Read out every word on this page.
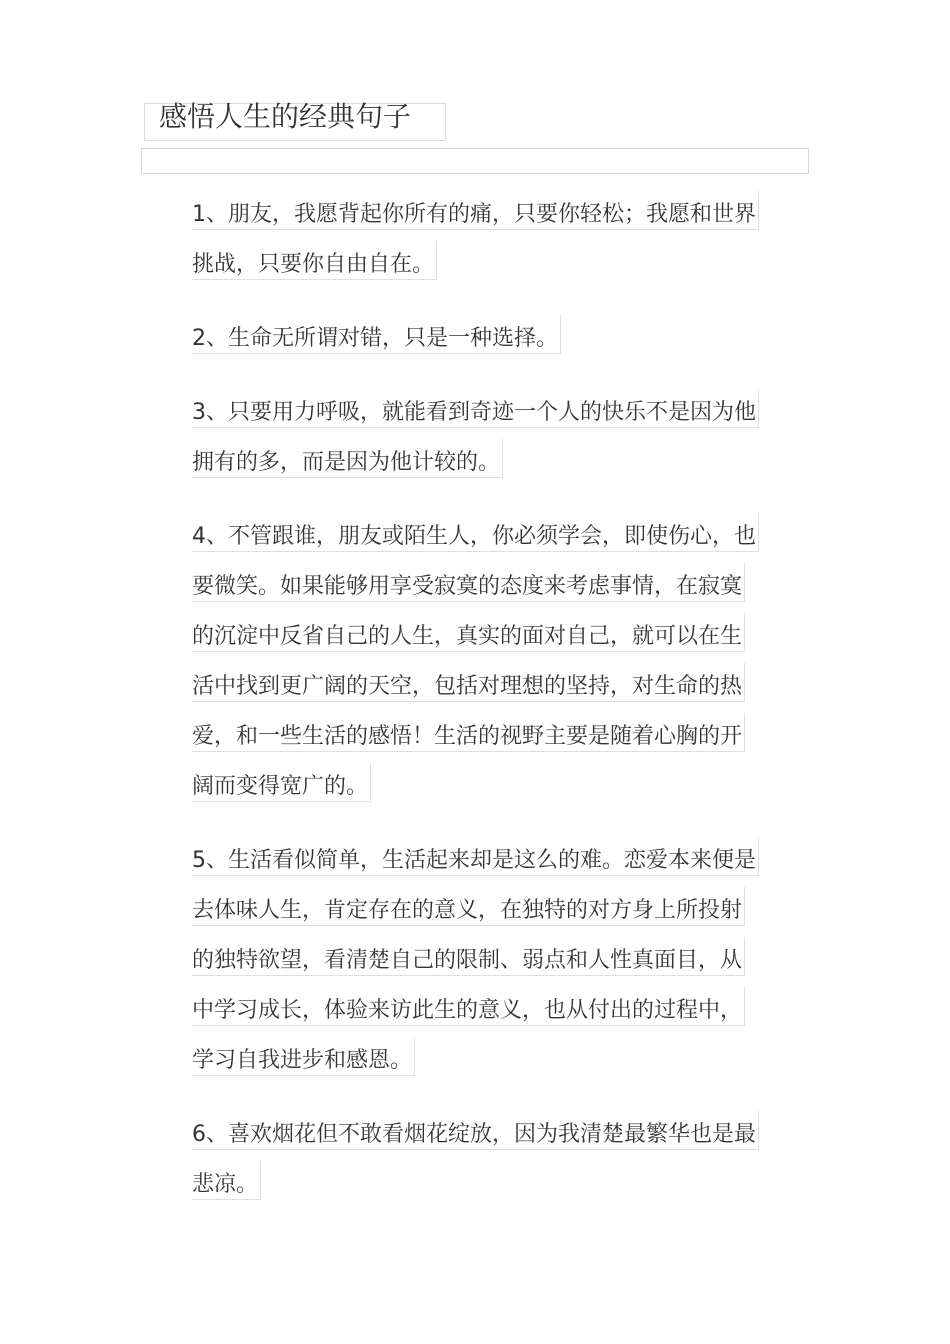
感悟人生的经典句子
1、朋友，我愿背起你所有的痛，只要你轻松；我愿和世界
挑战，只要你自由自在。
2、生命无所谓对错，只是一种选择。
3、只要用力呼吸，就能看到奇迹一个人的快乐不是因为他
拥有的多，而是因为他计较的。
4、不管跟谁，朋友或陌生人，你必须学会，即使伤心，也
要微笑。如果能够用享受寂寞的态度来考虑事情，在寂寞
的沉淀中反省自己的人生，真实的面对自己，就可以在生
活中找到更广阔的天空，包括对理想的坚持，对生命的热
爱，和一些生活的感悟！生活的视野主要是随着心胸的开
阔而变得宽广的。
5、生活看似简单，生活起来却是这么的难。恋爱本来便是
去体味人生，肯定存在的意义，在独特的对方身上所投射
的独特欲望，看清楚自己的限制、弱点和人性真面目，从
中学习成长，体验来访此生的意义，也从付出的过程中，
学习自我进步和感恩。
6、喜欢烟花但不敢看烟花绽放，因为我清楚最繁华也是最
悲凉。
